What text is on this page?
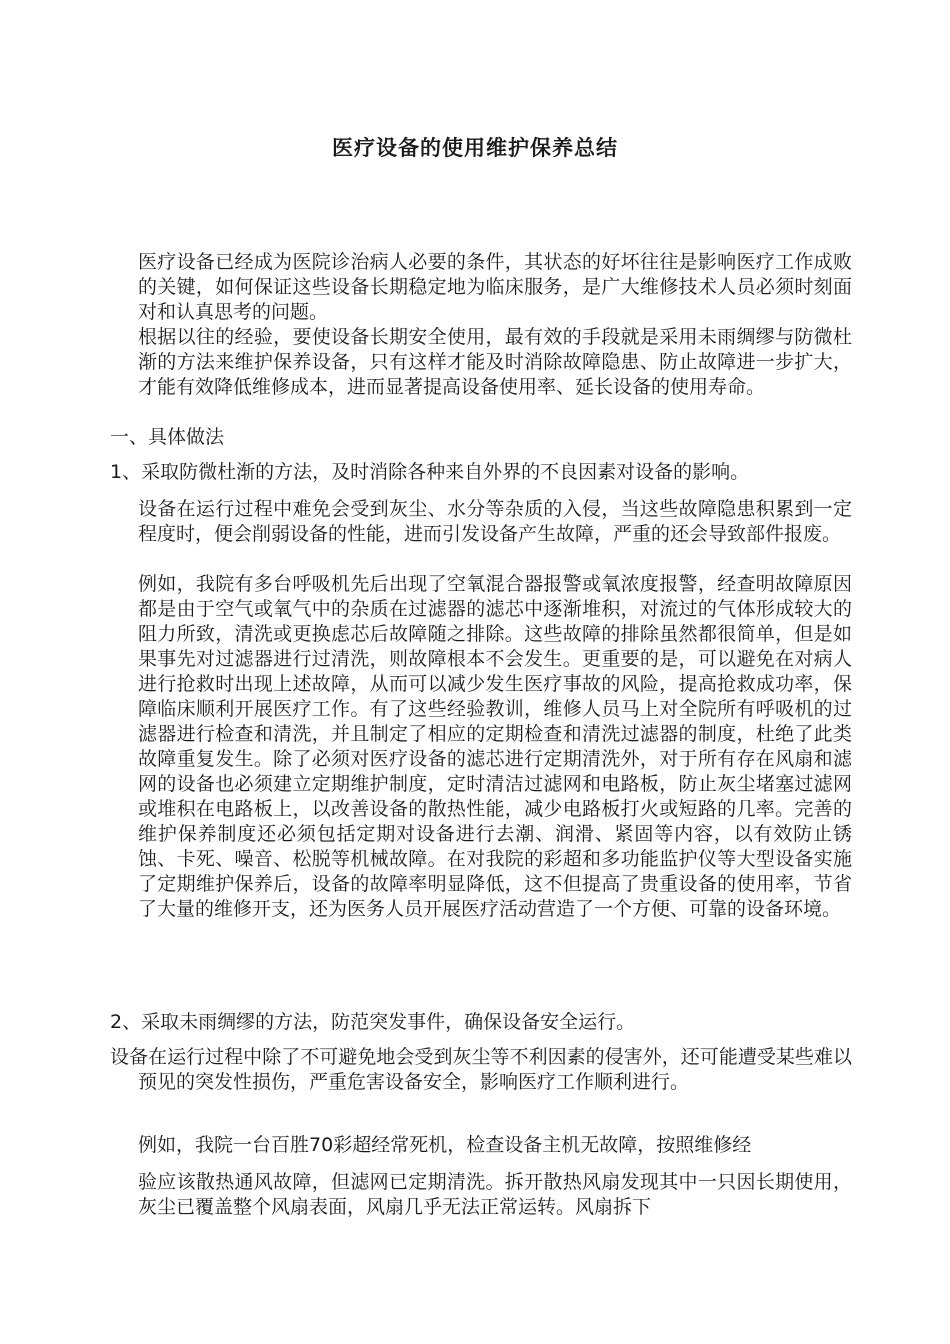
医疗设备的使用维护保养总结

医疗设备已经成为医院诊治病人必要的条件，其状态的好坏往往是影响医疗工作成败的关键，如何保证这些设备长期稳定地为临床服务，是广大维修技术人员必须时刻面对和认真思考的问题。

根据以往的经验，要使设备长期安全使用，最有效的手段就是采用未雨绸缪与防微杜渐的方法来维护保养设备，只有这样才能及时消除故障隐患、防止故障进一步扩大，才能有效降低维修成本，进而显著提高设备使用率、延长设备的使用寿命。

一、具体做法

1、采取防微杜渐的方法，及时消除各种来自外界的不良因素对设备的影响。

设备在运行过程中难免会受到灰尘、水分等杂质的入侵，当这些故障隐患积累到一定程度时，便会削弱设备的性能，进而引发设备产生故障，严重的还会导致部件报废。

例如，我院有多台呼吸机先后出现了空氧混合器报警或氧浓度报警，经查明故障原因都是由于空气或氧气中的杂质在过滤器的滤芯中逐渐堆积，对流过的气体形成较大的阻力所致，清洗或更换虑芯后故障随之排除。这些故障的排除虽然都很简单，但是如果事先对过滤器进行过清洗，则故障根本不会发生。更重要的是，可以避免在对病人进行抢救时出现上述故障，从而可以减少发生医疗事故的风险，提高抢救成功率，保障临床顺利开展医疗工作。有了这些经验教训，维修人员马上对全院所有呼吸机的过滤器进行检查和清洗，并且制定了相应的定期检查和清洗过滤器的制度，杜绝了此类故障重复发生。除了必须对医疗设备的滤芯进行定期清洗外，对于所有存在风扇和滤网的设备也必须建立定期维护制度，定时清洁过滤网和电路板，防止灰尘堵塞过滤网或堆积在电路板上，以改善设备的散热性能，减少电路板打火或短路的几率。完善的维护保养制度还必须包括定期对设备进行去潮、润滑、紧固等内容，以有效防止锈蚀、卡死、噪音、松脱等机械故障。在对我院的彩超和多功能监护仪等大型设备实施了定期维护保养后，设备的故障率明显降低，这不但提高了贵重设备的使用率，节省了大量的维修开支，还为医务人员开展医疗活动营造了一个方便、可靠的设备环境。

2、采取未雨绸缪的方法，防范突发事件，确保设备安全运行。

设备在运行过程中除了不可避免地会受到灰尘等不利因素的侵害外，还可能遭受某些难以预见的突发性损伤，严重危害设备安全，影响医疗工作顺利进行。

例如，我院一台百胜70彩超经常死机，检查设备主机无故障，按照维修经

验应该散热通风故障，但滤网已定期清洗。拆开散热风扇发现其中一只因长期使用，灰尘已覆盖整个风扇表面，风扇几乎无法正常运转。风扇拆下
